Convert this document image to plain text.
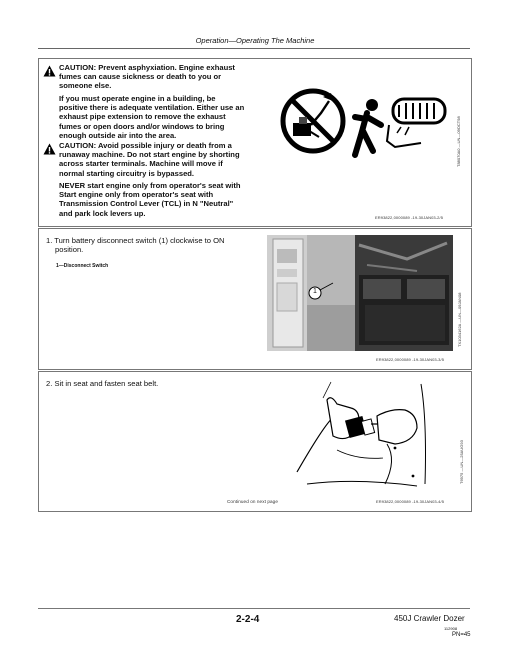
Operation—Operating The Machine
CAUTION: Prevent asphyxiation. Engine exhaust
fumes can cause sickness or death to you or
someone else.
If you must operate engine in a building, be
positive there is adequate ventilation. Either use an
exhaust pipe extension to remove the exhaust
fumes or open doors and/or windows to bring
enough outside air into the area.
CAUTION: Avoid possible injury or death from a
runaway machine. Do not start engine by shorting
across starter terminals. Machine will move if
normal starting circuitry is bypassed.
NEVER start engine only from operator's seat with
Start engine only from operator's seat with
Transmission Control Lever (TCL) in N "Neutral"
and park lock levers up.
T88070A0 —UN—09OCT98
ER93822,0000089 -19-30JAN03-2/5
1. Turn battery disconnect switch (1) clockwise to ON
position.
1—Disconnect Switch
1
TX1034162A —UN—09JAN08
ER93822,0000089 -19-30JAN03-3/5
2. Sit in seat and fasten seat belt.
T6975 —UN—25AUG93
Continued on next page	ER93822,0000089 -19-30JAN03-4/5
2-2-4	450J Crawler Dozer
112908
PN=45
